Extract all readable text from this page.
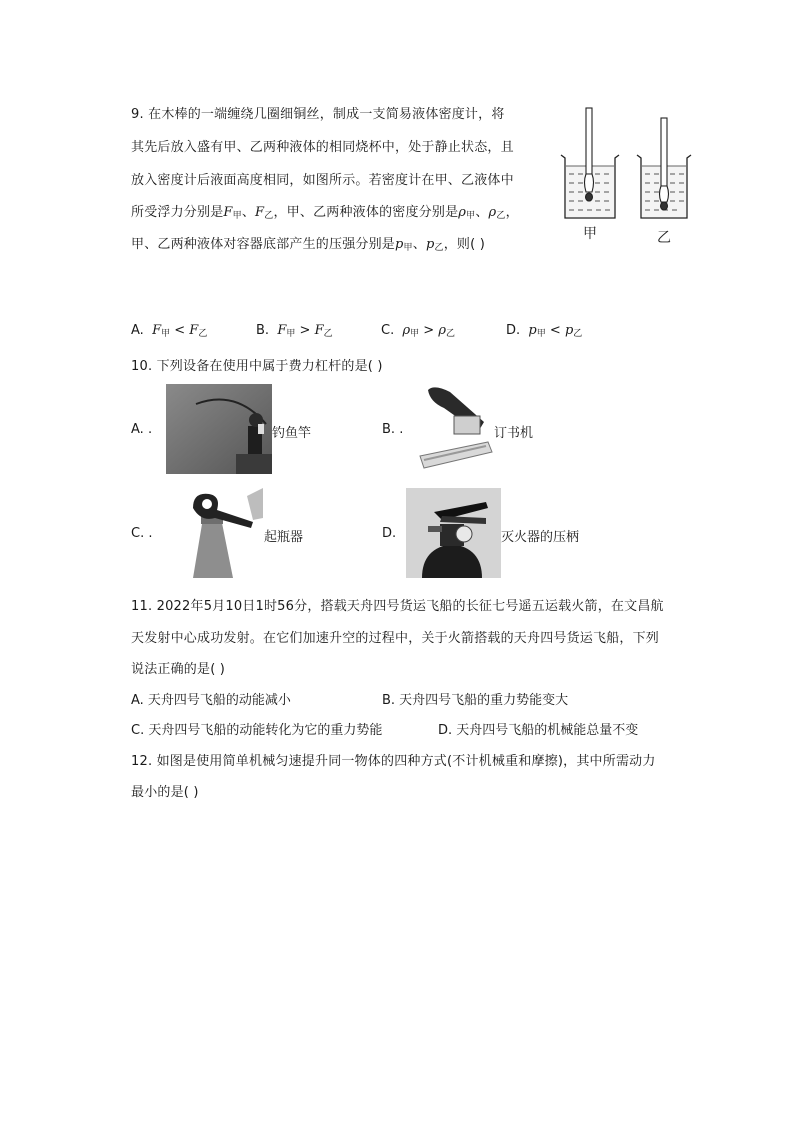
9. 在木棒的一端缠绕几圈细铜丝，制成一支简易液体密度计，将
其先后放入盛有甲、乙两种液体的相同烧杯中，处于静止状态，且
放入密度计后液面高度相同，如图所示。若密度计在甲、乙液体中
所受浮力分别是$F_甲$、$F_乙$，甲、乙两种液体的密度分别是$\rho_甲$、$\rho_乙$，
甲、乙两种液体对容器底部产生的压强分别是$p_甲$、$p_乙$，则( )
甲	乙
A. $F_甲 < F_乙$	B. $F_甲 > F_乙$	C. $\rho_甲 > \rho_乙$	D. $p_甲 < p_乙$
10. 下列设备在使用中属于费力杠杆的是( )
A. .	钓鱼竿	B. .	订书机
C. .	起瓶器	D.	灭火器的压柄
11. 2022年5月10日1时56分，搭载天舟四号货运飞船的长征七号遥五运载火箭，在文昌航
天发射中心成功发射。在它们加速升空的过程中，关于火箭搭载的天舟四号货运飞船，下列
说法正确的是( )
A. 天舟四号飞船的动能减小	B. 天舟四号飞船的重力势能变大
C. 天舟四号飞船的动能转化为它的重力势能	D. 天舟四号飞船的机械能总量不变
12. 如图是使用简单机械匀速提升同一物体的四种方式(不计机械重和摩擦)，其中所需动力
最小的是( )
